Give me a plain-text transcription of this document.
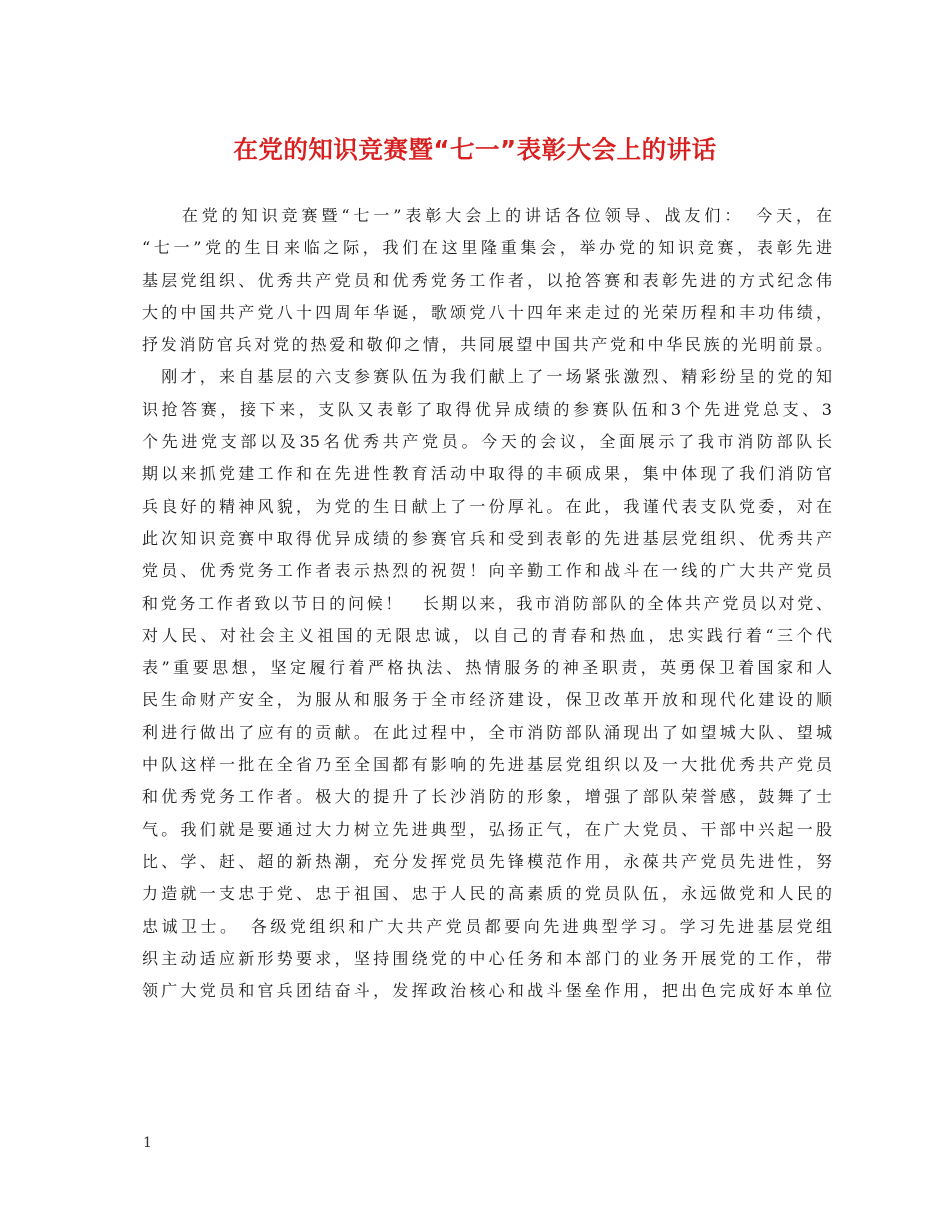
在党的知识竞赛暨“七一”表彰大会上的讲话
　　在党的知识竞赛暨“七一”表彰大会上的讲话各位领导、战友们：　今天，在
“七一”党的生日来临之际，我们在这里隆重集会，举办党的知识竞赛，表彰先进
基层党组织、优秀共产党员和优秀党务工作者，以抢答赛和表彰先进的方式纪念伟
大的中国共产党八十四周年华诞，歌颂党八十四年来走过的光荣历程和丰功伟绩，
抒发消防官兵对党的热爱和敬仰之情，共同展望中国共产党和中华民族的光明前景。
　刚才，来自基层的六支参赛队伍为我们献上了一场紧张激烈、精彩纷呈的党的知
识抢答赛，接下来，支队又表彰了取得优异成绩的参赛队伍和3个先进党总支、3
个先进党支部以及35名优秀共产党员。今天的会议，全面展示了我市消防部队长
期以来抓党建工作和在先进性教育活动中取得的丰硕成果，集中体现了我们消防官
兵良好的精神风貌，为党的生日献上了一份厚礼。在此，我谨代表支队党委，对在
此次知识竞赛中取得优异成绩的参赛官兵和受到表彰的先进基层党组织、优秀共产
党员、优秀党务工作者表示热烈的祝贺！向辛勤工作和战斗在一线的广大共产党员
和党务工作者致以节日的问候！　长期以来，我市消防部队的全体共产党员以对党、
对人民、对社会主义祖国的无限忠诚，以自己的青春和热血，忠实践行着“三个代
表”重要思想，坚定履行着严格执法、热情服务的神圣职责，英勇保卫着国家和人
民生命财产安全，为服从和服务于全市经济建设，保卫改革开放和现代化建设的顺
利进行做出了应有的贡献。在此过程中，全市消防部队涌现出了如望城大队、望城
中队这样一批在全省乃至全国都有影响的先进基层党组织以及一大批优秀共产党员
和优秀党务工作者。极大的提升了长沙消防的形象，增强了部队荣誉感，鼓舞了士
气。我们就是要通过大力树立先进典型，弘扬正气，在广大党员、干部中兴起一股
比、学、赶、超的新热潮，充分发挥党员先锋模范作用，永葆共产党员先进性，努
力造就一支忠于党、忠于祖国、忠于人民的高素质的党员队伍，永远做党和人民的
忠诚卫士。　各级党组织和广大共产党员都要向先进典型学习。学习先进基层党组
织主动适应新形势要求，坚持围绕党的中心任务和本部门的业务开展党的工作，带
领广大党员和官兵团结奋斗，发挥政治核心和战斗堡垒作用，把出色完成好本单位
1
